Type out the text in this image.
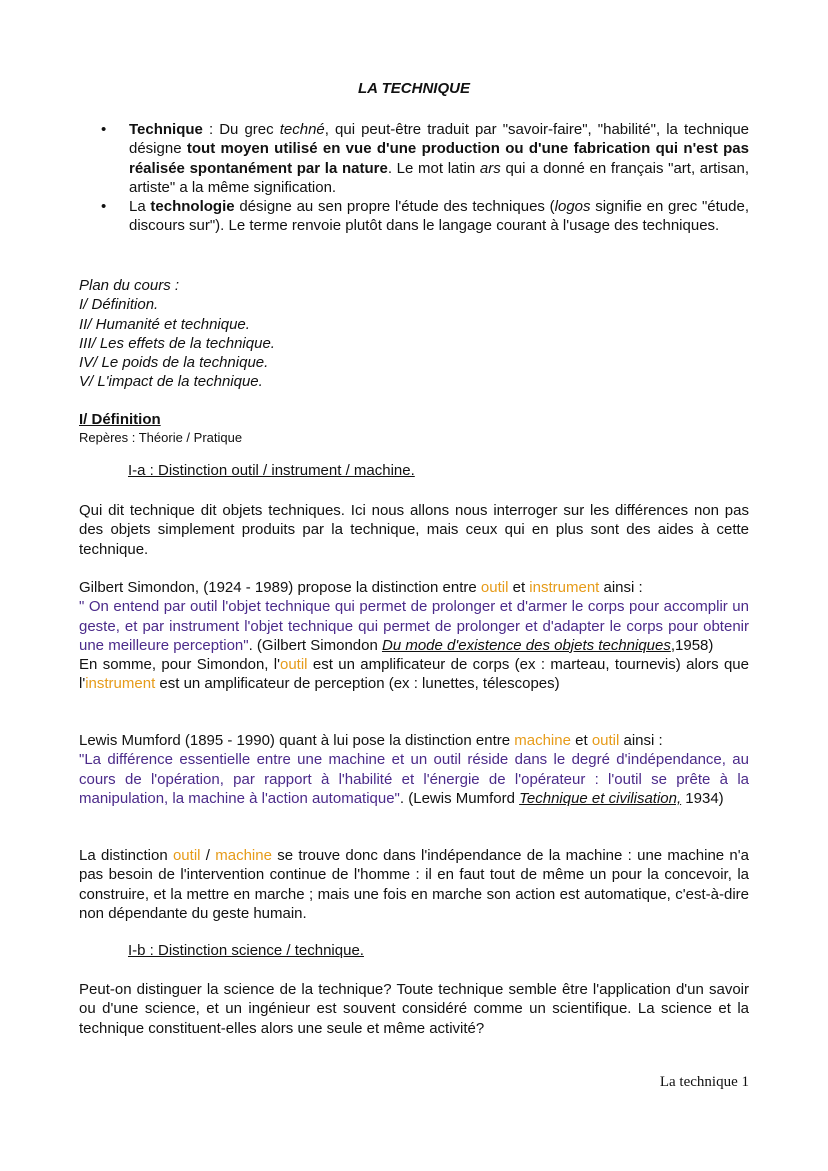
LA TECHNIQUE
• Technique : Du grec techné, qui peut-être traduit par "savoir-faire", "habilité", la technique désigne tout moyen utilisé en vue d'une production ou d'une fabrication qui n'est pas réalisée spontanément par la nature. Le mot latin ars qui a donné en français "art, artisan, artiste" a la même signification.
• La technologie désigne au sen propre l'étude des techniques (logos signifie en grec "étude, discours sur"). Le terme renvoie plutôt dans le langage courant à l'usage des techniques.
Plan du cours :
I/ Définition.
II/ Humanité et technique.
III/ Les effets de la technique.
IV/ Le poids de la technique.
V/ L'impact de la technique.
I/ Définition
Repères : Théorie / Pratique
I-a : Distinction outil / instrument / machine.
Qui dit technique dit objets techniques. Ici nous allons nous interroger sur les différences non pas des objets simplement produits par la technique, mais ceux qui en plus sont des aides à cette technique.
Gilbert Simondon, (1924 - 1989) propose la distinction entre outil et instrument ainsi :
" On entend par outil l'objet technique qui permet de prolonger et d'armer le corps pour accomplir un geste, et par instrument l'objet technique qui permet de prolonger et d'adapter le corps pour obtenir une meilleure perception". (Gilbert Simondon Du mode d'existence des objets techniques,1958)
En somme, pour Simondon, l'outil est un amplificateur de corps (ex : marteau, tournevis) alors que l'instrument est un amplificateur de perception (ex : lunettes, télescopes)
Lewis Mumford (1895 - 1990) quant à lui pose la distinction entre machine et outil ainsi :
"La différence essentielle entre une machine et un outil réside dans le degré d'indépendance, au cours de l'opération, par rapport à l'habilité et l'énergie de l'opérateur : l'outil se prête à la manipulation, la machine à l'action automatique". (Lewis Mumford Technique et civilisation, 1934)
La distinction outil / machine se trouve donc dans l'indépendance de la machine : une machine n'a pas besoin de l'intervention continue de l'homme : il en faut tout de même un pour la concevoir, la construire, et la mettre en marche ; mais une fois en marche son action est automatique, c'est-à-dire non dépendante du geste humain.
I-b : Distinction science / technique.
Peut-on distinguer la science de la technique? Toute technique semble être l'application d'un savoir ou d'une science, et un ingénieur est souvent considéré comme un scientifique. La science et la technique constituent-elles alors une seule et même activité?
La technique 1
